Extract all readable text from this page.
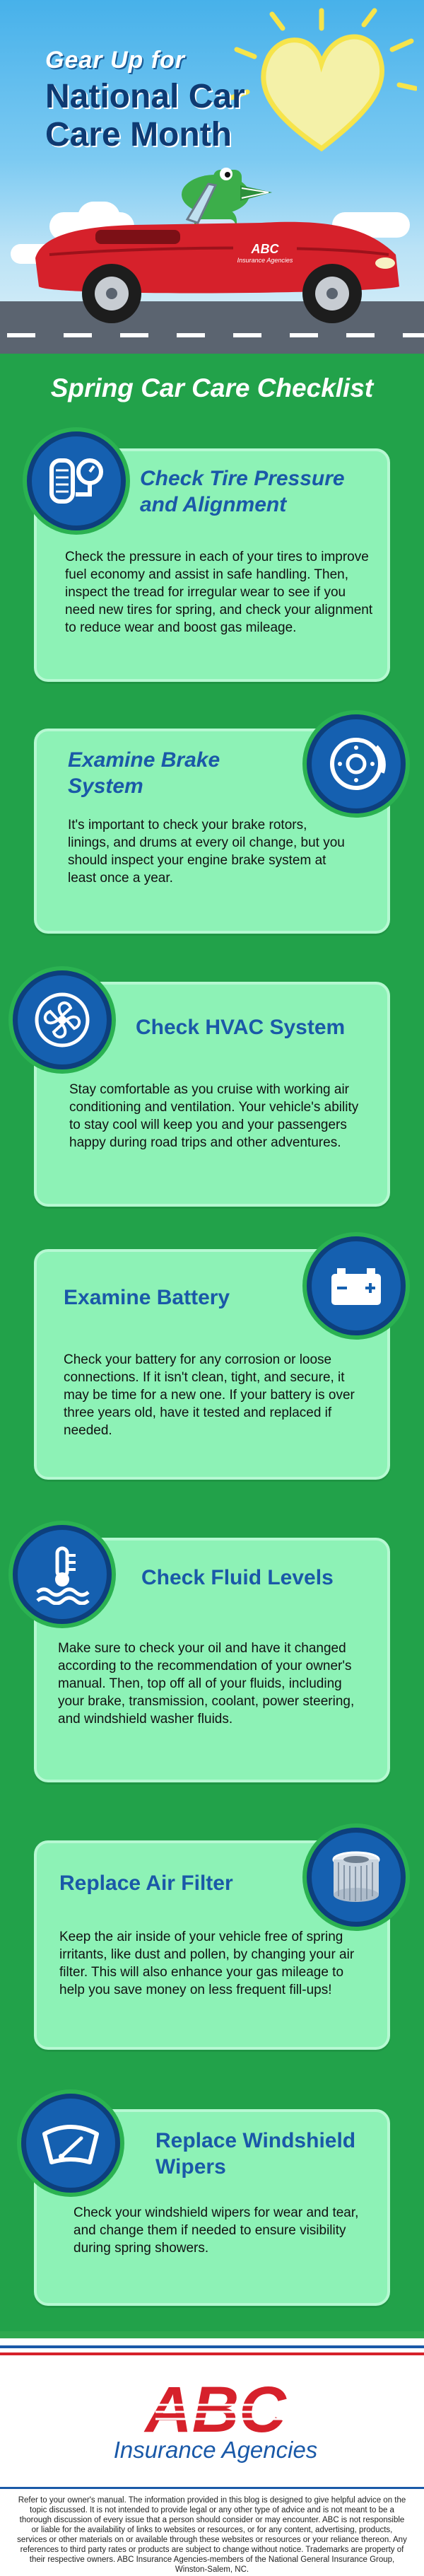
Gear Up for
National Car Care Month
ABC
Insurance Agencies
Spring Car Care Checklist
Check Tire Pressure and Alignment
Check the pressure in each of your tires to improve fuel economy and assist in safe handling. Then, inspect the tread for irregular wear to see if you need new tires for spring, and check your alignment to reduce wear and boost gas mileage.
Examine Brake System
It's important to check your brake rotors, linings, and drums at every oil change, but you should inspect your engine brake system at least once a year.
Check HVAC System
Stay comfortable as you cruise with working air conditioning and ventilation. Your vehicle's ability to stay cool will keep you and your passengers happy during road trips and other adventures.
Examine Battery
Check your battery for any corrosion or loose connections. If it isn't clean, tight, and secure, it may be time for a new one. If your battery is over three years old, have it tested and replaced if needed.
Check Fluid Levels
Make sure to check your oil and have it changed according to the recommendation of your owner's manual. Then, top off all of your fluids, including your brake, transmission, coolant, power steering, and windshield washer fluids.
Replace Air Filter
Keep the air inside of your vehicle free of spring irritants, like dust and pollen, by changing your air filter. This will also enhance your gas mileage to help you save money on less frequent fill-ups!
Replace Windshield Wipers
Check your windshield wipers for wear and tear, and change them if needed to ensure visibility during spring showers.
ABC
Insurance Agencies
Refer to your owner's manual. The information provided in this blog is designed to give helpful advice on the topic discussed. It is not intended to provide legal or any other type of advice and is not meant to be a thorough discussion of every issue that a person should consider or may encounter. ABC is not responsible or liable for the availability of links to websites or resources, or for any content, advertising, products, services or other materials on or available through these websites or resources or your reliance thereon. Any references to third party rates or products are subject to change without notice. Trademarks are property of their respective owners. ABC Insurance Agencies-members of the National General Insurance Group, Winston-Salem, NC.
